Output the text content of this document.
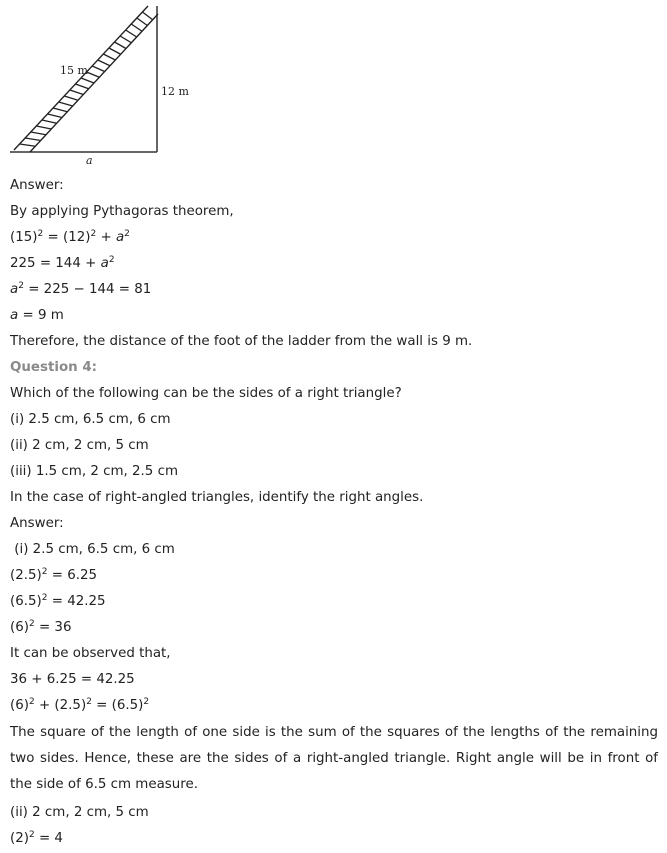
15 m
12 m
a
Answer:
By applying Pythagoras theorem,
$(15)^2 = (12)^2 + a^2$
$225 = 144 + a^2$
$a^2 = 225 - 144 = 81$
a = 9 m
Therefore, the distance of the foot of the ladder from the wall is 9 m.
Question 4:
Which of the following can be the sides of a right triangle?
(i) 2.5 cm, 6.5 cm, 6 cm
(ii) 2 cm, 2 cm, 5 cm
(iii) 1.5 cm, 2 cm, 2.5 cm
In the case of right-angled triangles, identify the right angles.
Answer:
(i) 2.5 cm, 6.5 cm, 6 cm
$(2.5)^2 = 6.25$
$(6.5)^2 = 42.25$
$(6)^2 = 36$
It can be observed that,
36 + 6.25 = 42.25
$(6)^2 + (2.5)^2 = (6.5)^2$
The square of the length of one side is the sum of the squares of the lengths of the remaining two sides. Hence, these are the sides of a right-angled triangle. Right angle will be in front of the side of 6.5 cm measure.
(ii) 2 cm, 2 cm, 5 cm
$(2)^2 = 4$
